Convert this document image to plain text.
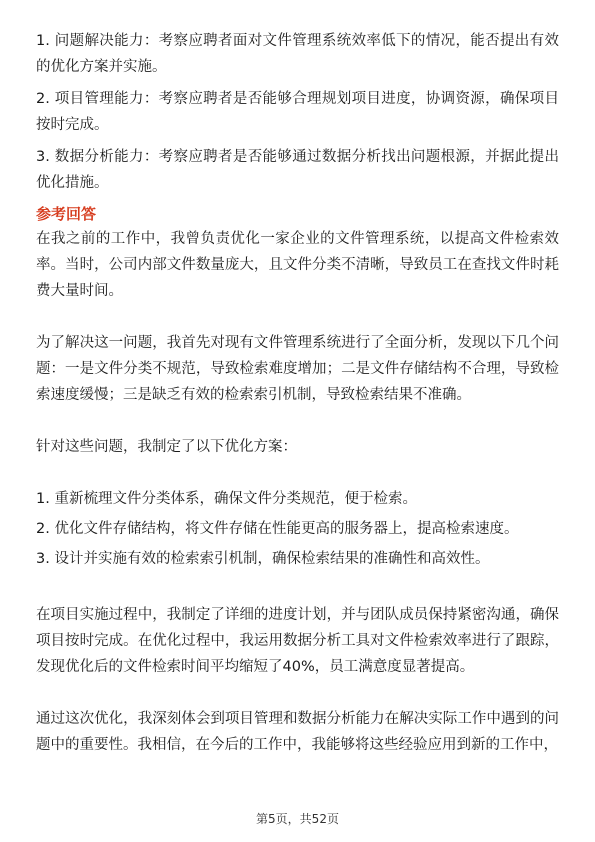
1. 问题解决能力：考察应聘者面对文件管理系统效率低下的情况，能否提出有效的优化方案并实施。

2. 项目管理能力：考察应聘者是否能够合理规划项目进度，协调资源，确保项目按时完成。

3. 数据分析能力：考察应聘者是否能够通过数据分析找出问题根源，并据此提出优化措施。

参考回答

在我之前的工作中，我曾负责优化一家企业的文件管理系统，以提高文件检索效率。当时，公司内部文件数量庞大，且文件分类不清晰，导致员工在查找文件时耗费大量时间。

为了解决这一问题，我首先对现有文件管理系统进行了全面分析，发现以下几个问题：一是文件分类不规范，导致检索难度增加；二是文件存储结构不合理，导致检索速度缓慢；三是缺乏有效的检索索引机制，导致检索结果不准确。

针对这些问题，我制定了以下优化方案：

1. 重新梳理文件分类体系，确保文件分类规范，便于检索。

2. 优化文件存储结构，将文件存储在性能更高的服务器上，提高检索速度。

3. 设计并实施有效的检索索引机制，确保检索结果的准确性和高效性。

在项目实施过程中，我制定了详细的进度计划，并与团队成员保持紧密沟通，确保项目按时完成。在优化过程中，我运用数据分析工具对文件检索效率进行了跟踪，发现优化后的文件检索时间平均缩短了40%，员工满意度显著提高。

通过这次优化，我深刻体会到项目管理和数据分析能力在解决实际工作中遇到的问题中的重要性。我相信，在今后的工作中，我能够将这些经验应用到新的工作中，

第5页，共52页
